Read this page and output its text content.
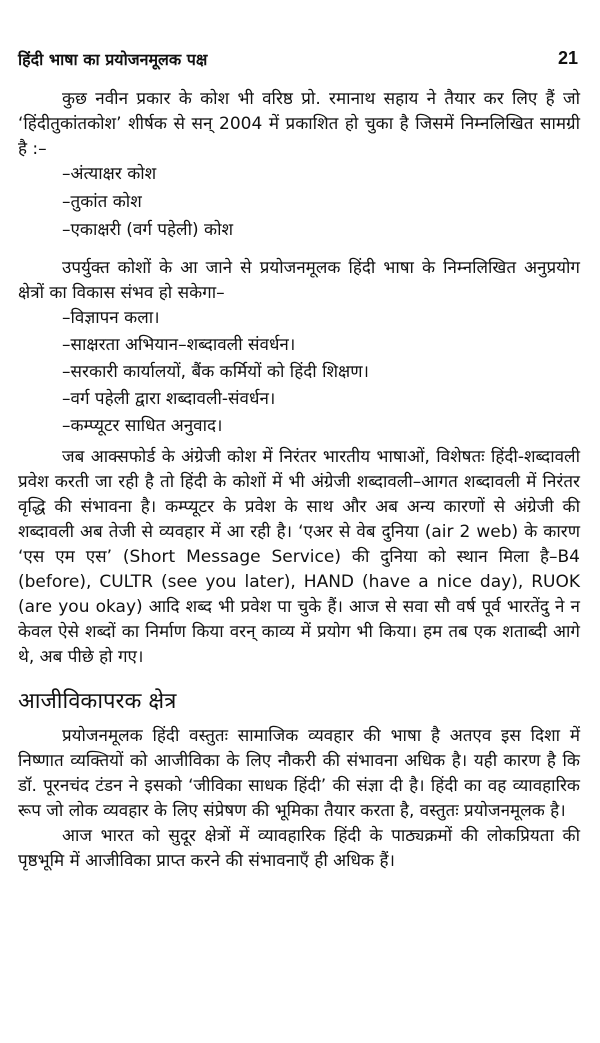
हिंदी भाषा का प्रयोजनमूलक पक्ष	21

कुछ नवीन प्रकार के कोश भी वरिष्ठ प्रो. रमानाथ सहाय ने तैयार कर लिए हैं जो ‘हिंदीतुकांतकोश’ शीर्षक से सन् 2004 में प्रकाशित हो चुका है जिसमें निम्नलिखित सामग्री है :–

–अंत्याक्षर कोश
–तुकांत कोश
–एकाक्षरी (वर्ग पहेली) कोश

उपर्युक्त कोशों के आ जाने से प्रयोजनमूलक हिंदी भाषा के निम्नलिखित अनुप्रयोग क्षेत्रों का विकास संभव हो सकेगा–

–विज्ञापन कला।
–साक्षरता अभियान–शब्दावली संवर्धन।
–सरकारी कार्यालयों, बैंक कर्मियों को हिंदी शिक्षण।
–वर्ग पहेली द्वारा शब्दावली-संवर्धन।
–कम्प्यूटर साधित अनुवाद।

जब आक्सफोर्ड के अंग्रेजी कोश में निरंतर भारतीय भाषाओं, विशेषतः हिंदी-शब्दावली प्रवेश करती जा रही है तो हिंदी के कोशों में भी अंग्रेजी शब्दावली–आगत शब्दावली में निरंतर वृद्धि की संभावना है। कम्प्यूटर के प्रवेश के साथ और अब अन्य कारणों से अंग्रेजी की शब्दावली अब तेजी से व्यवहार में आ रही है। ‘एअर से वेब दुनिया (air 2 web) के कारण ‘एस एम एस’ (Short Message Service) की दुनिया को स्थान मिला है–B4 (before), CULTR (see you later), HAND (have a nice day), RUOK (are you okay) आदि शब्द भी प्रवेश पा चुके हैं। आज से सवा सौ वर्ष पूर्व भारतेंदु ने न केवल ऐसे शब्दों का निर्माण किया वरन् काव्य में प्रयोग भी किया। हम तब एक शताब्दी आगे थे, अब पीछे हो गए।

आजीविकापरक क्षेत्र

प्रयोजनमूलक हिंदी वस्तुतः सामाजिक व्यवहार की भाषा है अतएव इस दिशा में निष्णात व्यक्तियों को आजीविका के लिए नौकरी की संभावना अधिक है। यही कारण है कि डॉ. पूरनचंद टंडन ने इसको ‘जीविका साधक हिंदी’ की संज्ञा दी है। हिंदी का वह व्यावहारिक रूप जो लोक व्यवहार के लिए संप्रेषण की भूमिका तैयार करता है, वस्तुतः प्रयोजनमूलक है।

आज भारत को सुदूर क्षेत्रों में व्यावहारिक हिंदी के पाठ्यक्रमों की लोकप्रियता की पृष्ठभूमि में आजीविका प्राप्त करने की संभावनाएँ ही अधिक हैं।
